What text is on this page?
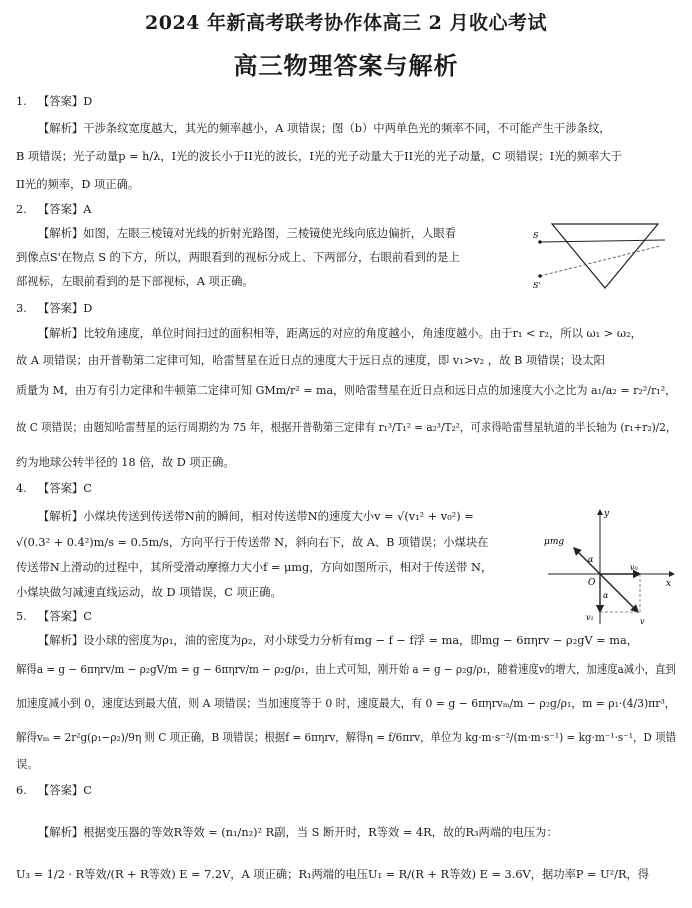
2024 年新高考联考协作体高三 2 月收心考试
高三物理答案与解析
1. 【答案】D
【解析】干涉条纹宽度越大，其光的频率越小，A 项错误；图（b）中两单色光的频率不同，不可能产生干涉条纹，
B 项错误；光子动量p = h/λ，I光的波长小于II光的波长，I光的光子动量大于II光的光子动量，C 项错误；I光的频率大于
II光的频率，D 项正确。
2. 【答案】A
【解析】如图，左眼三棱镜对光线的折射光路图，三棱镜使光线向底边偏折，人眼看
到像点S'在物点 S 的下方，所以，两眼看到的视标分成上、下两部分，右眼前看到的是上
部视标，左眼前看到的是下部视标，A 项正确。
S
S'
3. 【答案】D
【解析】比较角速度，单位时间扫过的面积相等，距离远的对应的角度越小，角速度越小。由于r₁ < r₂，所以 ω₁ > ω₂，
故 A 项错误；由开普勒第二定律可知，哈雷彗星在近日点的速度大于远日点的速度，即 v₁>v₂ ，故 B 项错误；设太阳
质量为 M，由万有引力定律和牛顿第二定律可知 GMm/r² = ma，则哈雷彗星在近日点和远日点的加速度大小之比为 a₁/a₂ = r₂²/r₁²，
故 C 项错误；由题知哈雷彗星的运行周期约为 75 年，根据开普勒第三定律有 r₁³/T₁² = a₂³/T₂²，可求得哈雷彗星轨道的半长轴为 (r₁+r₂)/2，
约为地球公转半径的 18 倍，故 D 项正确。
4. 【答案】C
【解析】小煤块传送到传送带N前的瞬间，相对传送带N的速度大小v = √(v₁² + v₀²) =
√(0.3² + 0.4²)m/s = 0.5m/s，方向平行于传送带 N，斜向右下，故 A、B 项错误；小煤块在
传送带N上滑动的过程中，其所受滑动摩擦力大小f = μmg，方向如图所示，相对于传送带 N，
小煤块做匀减速直线运动，故 D 项错误，C 项正确。
y
μmg
α
O
v₀
x
α
v₁	v
5. 【答案】C
【解析】设小球的密度为ρ₁，油的密度为ρ₂，对小球受力分析有mg − f − f浮 = ma，即mg − 6πηrv − ρ₂gV = ma，
解得a = g − 6πηrv/m − ρ₂gV/m = g − 6πηrv/m − ρ₂g/ρ₁，由上式可知，刚开始 a = g − ρ₂g/ρ₁，随着速度v的增大，加速度a减小，直到
加速度减小到 0，速度达到最大值，则 A 项错误；当加速度等于 0 时，速度最大，有 0 = g − 6πηrvₘ/m − ρ₂g/ρ₁，m = ρ₁·(4/3)πr³，
解得vₘ = 2r²g(ρ₁−ρ₂)/9η 则 C 项正确，B 项错误；根据f = 6πηrv，解得η = f/6πrv，单位为 kg·m·s⁻²/(m·m·s⁻¹) = kg·m⁻¹·s⁻¹，D 项错
误。
6. 【答案】C
【解析】根据变压器的等效R等效 = (n₁/n₂)² R副，当 S 断开时，R等效 = 4R，故的R₃两端的电压为：
U₃ = 1/2 · R等效/(R + R等效) E = 7.2V，A 项正确；R₁两端的电压U₁ = R/(R + R等效) E = 3.6V，据功率P = U²/R，得
